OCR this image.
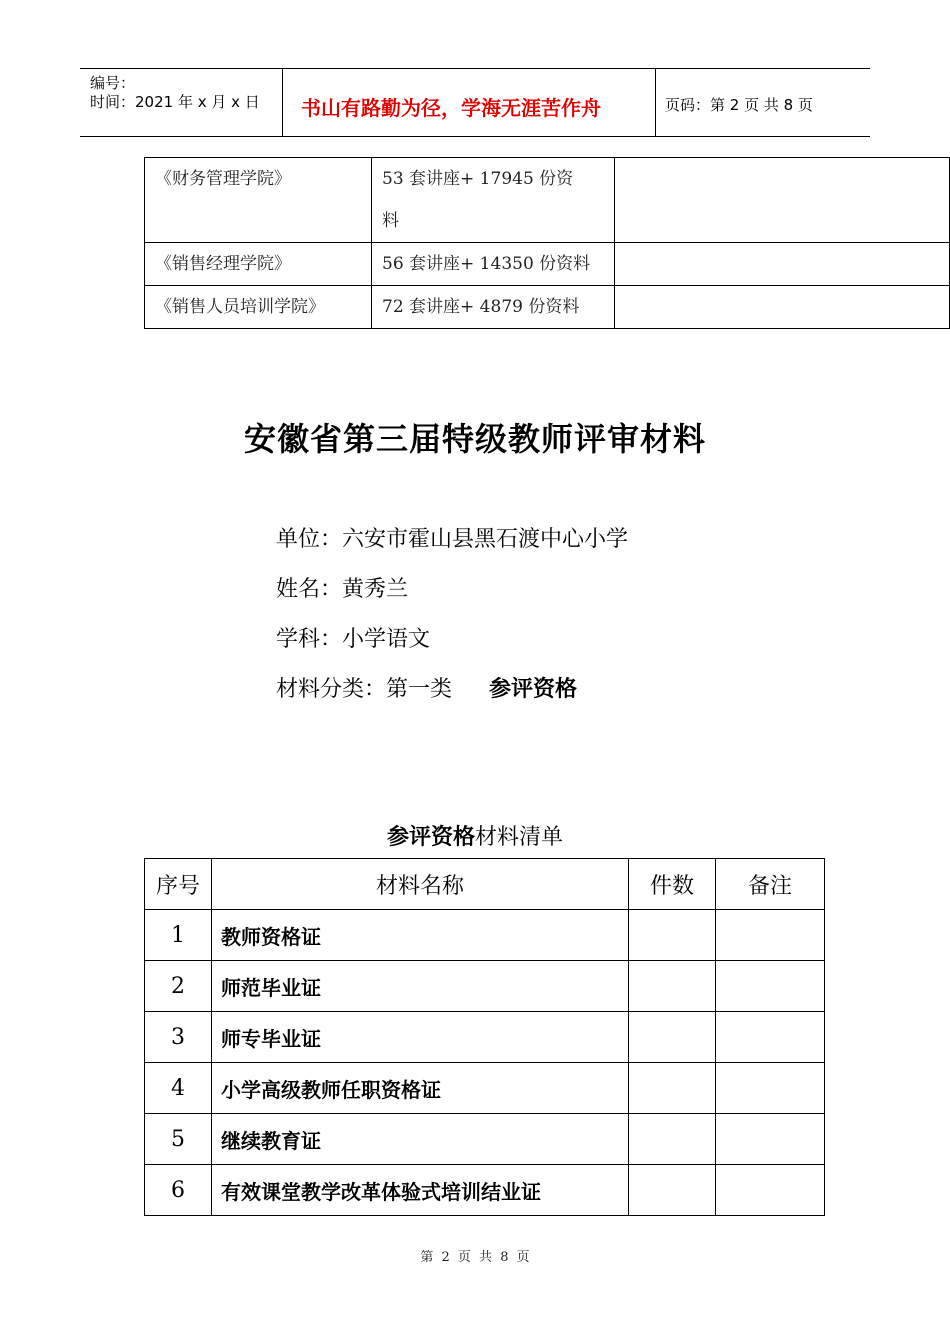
编号：
时间：2021 年 x 月 x 日 书山有路勤为径，学海无涯苦作舟	页码：第 2 页 共 8 页
《财务管理学院》	53 套讲座+ 17945 份资
料	

《销售经理学院》	56 套讲座+ 14350 份资料	
《销售人员培训学院》	72 套讲座+ 4879 份资料	
安徽省第三届特级教师评审材料
单位：六安市霍山县黑石渡中心小学
姓名：黄秀兰
学科：小学语文
材料分类：第一类 参评资格
参评资格材料清单
序号	材料名称	件数	备注
1	教师资格证		
2	师范毕业证		
3	师专毕业证		
4	小学高级教师任职资格证		
5	继续教育证		
6	有效课堂教学改革体验式培训结业证		
第 2 页 共 8 页
